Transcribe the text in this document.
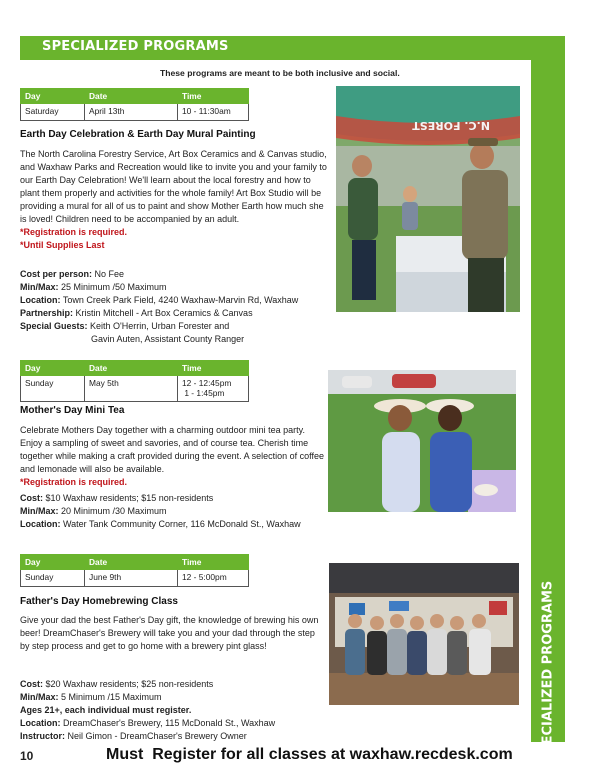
SPECIALIZED PROGRAMS
SPECIALIZED PROGRAMS
These programs are meant to be both inclusive and social.
Day	Date	Time
Saturday	April 13th	10 - 11:30am
Earth Day Celebration & Earth Day Mural Painting
The North Carolina Forestry Service, Art Box Ceramics and & Canvas studio, and Waxhaw Parks and Recreation would like to invite you and your family to our Earth Day Celebration! We'll learn about the local forestry and how to plant them properly and activities for the whole family! Art Box Studio will be providing a mural for all of us to paint and show Mother Earth how much she is loved! Children need to be accompanied by an adult.
*Registration is required.
*Until Supplies Last
Cost per person: No Fee
Min/Max: 25 Minimum /50 Maximum
Location: Town Creek Park Field, 4240 Waxhaw-Marvin Rd, Waxhaw
Partnership: Kristin Mitchell - Art Box Ceramics & Canvas
Special Guests: Keith O'Herrin, Urban Forester and
Gavin Auten, Assistant County Ranger
N.C. FOREST
Day	Date	Time
Sunday	May 5th	12 - 12:45pm
1 - 1:45pm
Mother's Day Mini Tea
Celebrate Mothers Day together with a charming outdoor mini tea party. Enjoy a sampling of sweet and savories, and of course tea. Cherish time together while making a craft provided during the event. A selection of coffee and lemonade will also be available.
*Registration is required.
Cost: $10 Waxhaw residents; $15 non-residents
Min/Max: 20 Minimum /30 Maximum
Location: Water Tank Community Corner, 116 McDonald St., Waxhaw
Day	Date	Time
Sunday	June 9th	12 - 5:00pm
Father's Day Homebrewing Class
Give your dad the best Father's Day gift, the knowledge of brewing his own beer! DreamChaser's Brewery will take you and your dad through the step by step process and get to go home with a brewery pint glass!
Cost: $20 Waxhaw residents; $25 non-residents
Min/Max: 5 Minimum /15 Maximum
Ages 21+, each individual must register.
Location: DreamChaser's Brewery, 115 McDonald St., Waxhaw
Instructor: Neil Gimon - DreamChaser's Brewery Owner
10	Must  Register for all classes at waxhaw.recdesk.com
